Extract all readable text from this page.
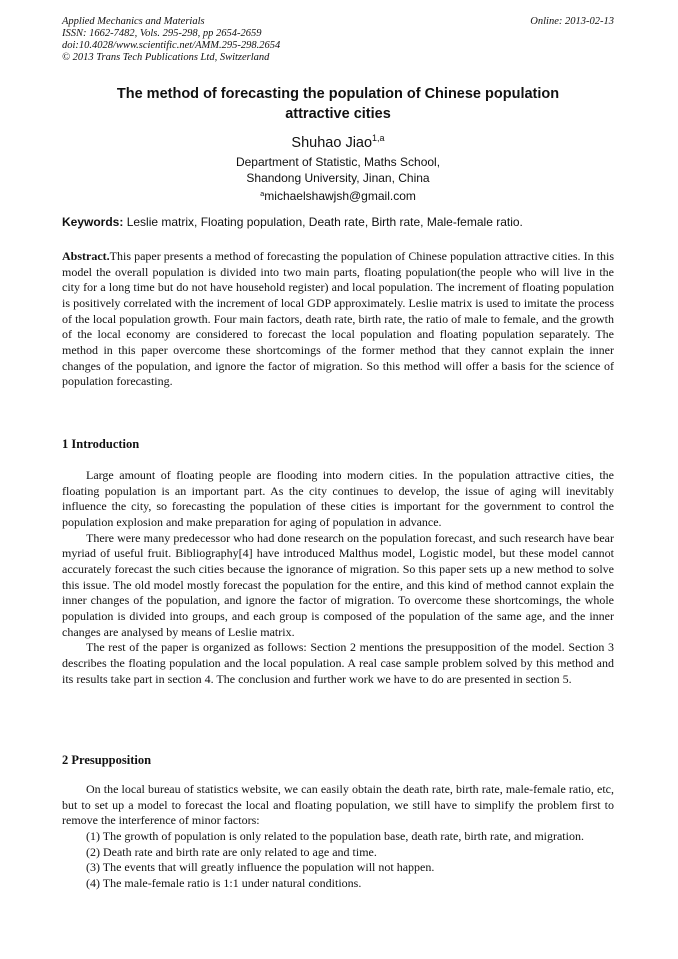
Applied Mechanics and Materials
ISSN: 1662-7482, Vols. 295-298, pp 2654-2659
doi:10.4028/www.scientific.net/AMM.295-298.2654
© 2013 Trans Tech Publications Ltd, Switzerland
Online: 2013-02-13
The method of forecasting the population of Chinese population
attractive cities
Shuhao Jiao$^{1,a}$
Department of Statistic, Maths School,
Shandong University, Jinan, China
$^a$michaelshawjsh@gmail.com
Keywords: Leslie matrix, Floating population, Death rate, Birth rate, Male-female ratio.

Abstract.This paper presents a method of forecasting the population of Chinese population attractive cities. In this model the overall population is divided into two main parts, floating population(the people who will live in the city for a long time but do not have household register) and local population. The increment of floating population is positively correlated with the increment of local GDP approximately. Leslie matrix is used to imitate the process of the local population growth. Four main factors, death rate, birth rate, the ratio of male to female, and the growth of the local economy are considered to forecast the local population and floating population separately. The method in this paper overcome these shortcomings of the former method that they cannot explain the inner changes of the population, and ignore the factor of migration. So this method will offer a basis for the science of population forecasting.

1 Introduction

Large amount of floating people are flooding into modern cities. In the population attractive cities, the floating population is an important part. As the city continues to develop, the issue of aging will inevitably influence the city, so forecasting the population of these cities is important for the government to control the population explosion and make preparation for aging of population in advance.

There were many predecessor who had done research on the population forecast, and such research have bear myriad of useful fruit. Bibliography[4] have introduced Malthus model, Logistic model, but these model cannot accurately forecast the such cities because the ignorance of migration. So this paper sets up a new method to solve this issue. The old model mostly forecast the population for the entire, and this kind of method cannot explain the inner changes of the population, and ignore the factor of migration. To overcome these shortcomings, the whole population is divided into groups, and each group is composed of the population of the same age, and the inner changes are analysed by means of Leslie matrix.

The rest of the paper is organized as follows: Section 2 mentions the presupposition of the model. Section 3 describes the floating population and the local population. A real case sample problem solved by this method and its results take part in section 4. The conclusion and further work we have to do are presented in section 5.

2 Presupposition

On the local bureau of statistics website, we can easily obtain the death rate, birth rate, male-female ratio, etc, but to set up a model to forecast the local and floating population, we still have to simplify the problem first to remove the interference of minor factors:

(1) The growth of population is only related to the population base, death rate, birth rate, and migration.

(2) Death rate and birth rate are only related to age and time.

(3) The events that will greatly influence the population will not happen.

(4) The male-female ratio is 1:1 under natural conditions.
